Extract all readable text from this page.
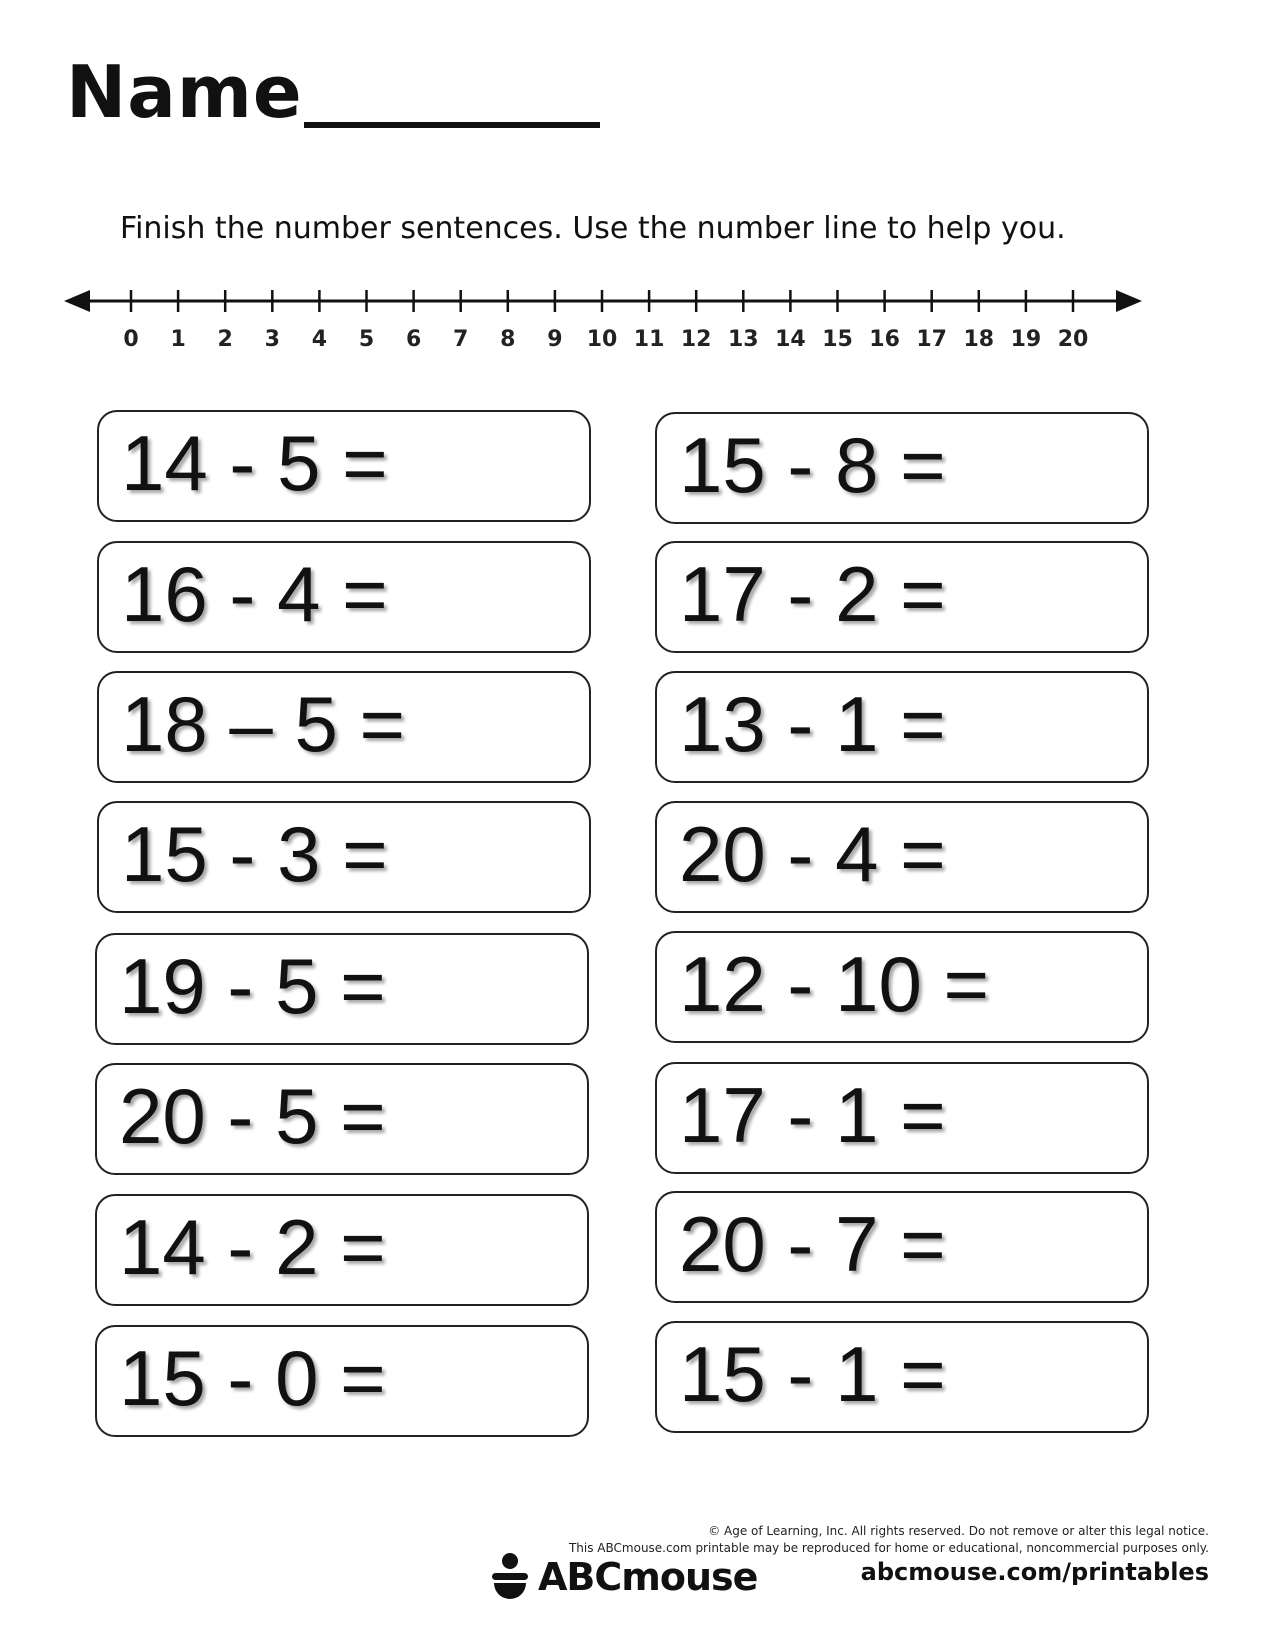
Name
Finish the number sentences. Use the number line to help you.
0 1 2 3 4 5 6 7 8 9 10 11 12 13 14 15 16 17 18 19 20
14 - 5 =
16 - 4 =
18 – 5 =
15 - 3 =
19 - 5 =
20 - 5 =
14 - 2 =
15 - 0 =
15 - 8 =
17 - 2 =
13 - 1 =
20 - 4 =
12 - 10 =
17 - 1 =
20 - 7 =
15 - 1 =
© Age of Learning, Inc. All rights reserved. Do not remove or alter this legal notice.
This ABCmouse.com printable may be reproduced for home or educational, noncommercial purposes only.
ABCmouse	abcmouse.com/printables
